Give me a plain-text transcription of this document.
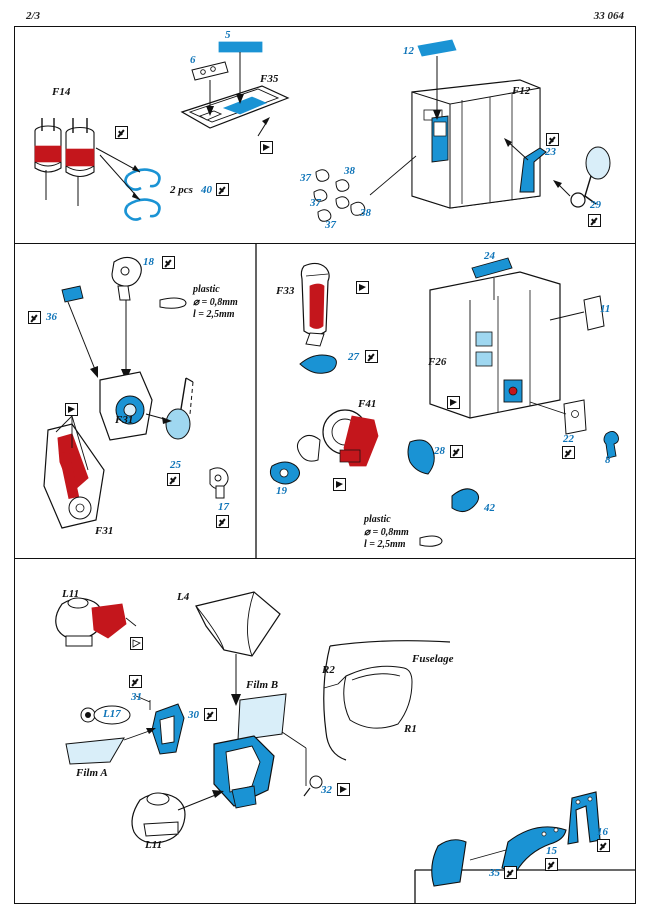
2/3	33 064
F14
5
6
F35
12
F12
23
29
2 pcs 40
37
38
37
38
37
18
36
F31
F31
25
17
plastic
⌀ = 0,8mm
l = 2,5mm
F33
27
F41
19
28
42
24
11
F26
22
8
plastic
⌀ = 0,8mm
l = 2,5mm
L11	L4
31
L17	30
Film A
Film B
R2
R1
Fuselage
32
L11
35
15
16
